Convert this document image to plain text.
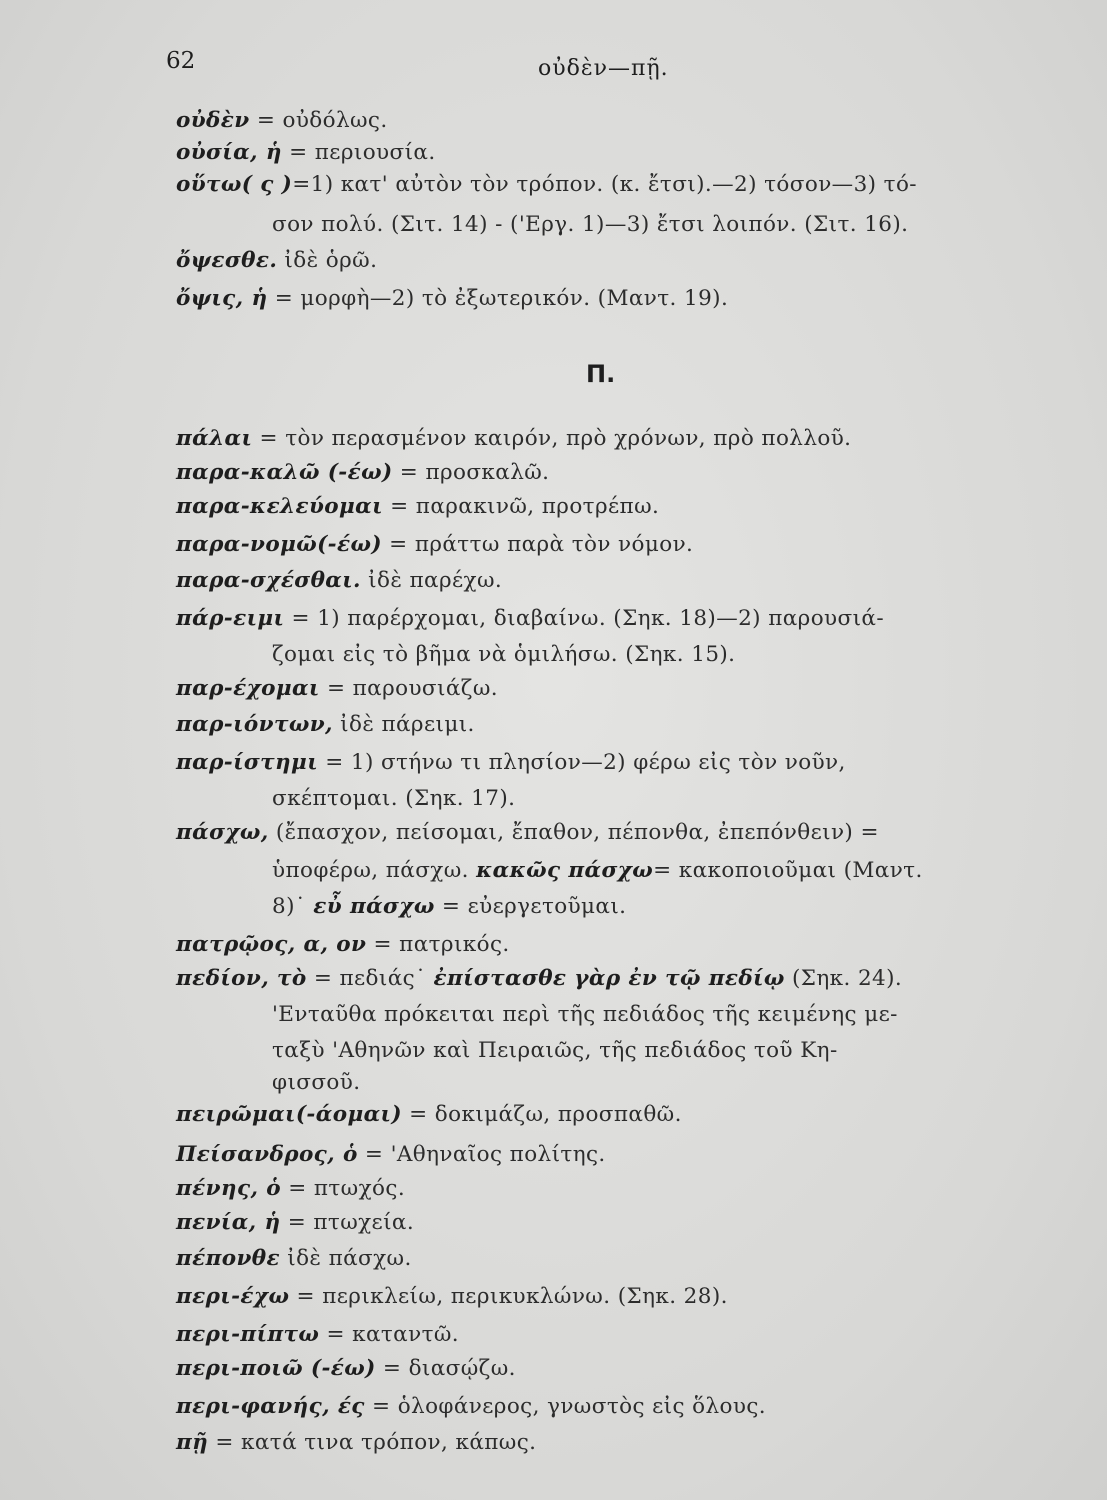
62	οὐδὲν—πῇ.
Π.
οὐδὲν = οὐδόλως.
οὐσία, ἡ = περιουσία.
οὕτω( ς )=1) κατ' αὐτὸν τὸν τρόπον. (κ. ἔτσι).—2) τόσον—3) τό-
σον πολύ. (Σιτ. 14) - ('Εργ. 1)—3) ἔτσι λοιπόν. (Σιτ. 16).
ὄψεσθε. ἰδὲ ὁρῶ.
ὄψις, ἡ = μορφὴ—2) τὸ ἐξωτερικόν. (Μαντ. 19).
πάλαι = τὸν περασμένον καιρόν, πρὸ χρόνων, πρὸ πολλοῦ.
παρα-καλῶ (-έω) = προσκαλῶ.
παρα-κελεύομαι = παρακινῶ, προτρέπω.
παρα-νομῶ(-έω) = πράττω παρὰ τὸν νόμον.
παρα-σχέσθαι. ἰδὲ παρέχω.
πάρ-ειμι = 1) παρέρχομαι, διαβαίνω. (Σηκ. 18)—2) παρουσιά-
ζομαι εἰς τὸ βῆμα νὰ ὁμιλήσω. (Σηκ. 15).
παρ-έχομαι = παρουσιάζω.
παρ-ιόντων, ἰδὲ πάρειμι.
παρ-ίστημι = 1) στήνω τι πλησίον—2) φέρω εἰς τὸν νοῦν,
σκέπτομαι. (Σηκ. 17).
πάσχω, (ἔπασχον, πείσομαι, ἔπαθον, πέπονθα, ἐπεπόνθειν) =
ὑποφέρω, πάσχω. κακῶς πάσχω= κακοποιοῦμαι (Μαντ.
8)˙ εὖ πάσχω = εὐεργετοῦμαι.
πατρῷος, α, ον = πατρικός.
πεδίον, τὸ = πεδιάς˙ ἐπίστασθε γὰρ ἐν τῷ πεδίῳ (Σηκ. 24).
'Ενταῦθα πρόκειται περὶ τῆς πεδιάδος τῆς κειμένης με-
ταξὺ 'Αθηνῶν καὶ Πειραιῶς, τῆς πεδιάδος τοῦ Κη-
φισσοῦ.
πειρῶμαι(-άομαι) = δοκιμάζω, προσπαθῶ.
Πείσανδρος, ὁ = 'Αθηναῖος πολίτης.
πένης, ὁ = πτωχός.
πενία, ἡ = πτωχεία.
πέπονθε ἰδὲ πάσχω.
περι-έχω = περικλείω, περικυκλώνω. (Σηκ. 28).
περι-πίπτω = καταντῶ.
περι-ποιῶ (-έω) = διασῴζω.
περι-φανής, ές = ὁλοφάνερος, γνωστὸς εἰς ὅλους.
πῇ = κατά τινα τρόπον, κάπως.
